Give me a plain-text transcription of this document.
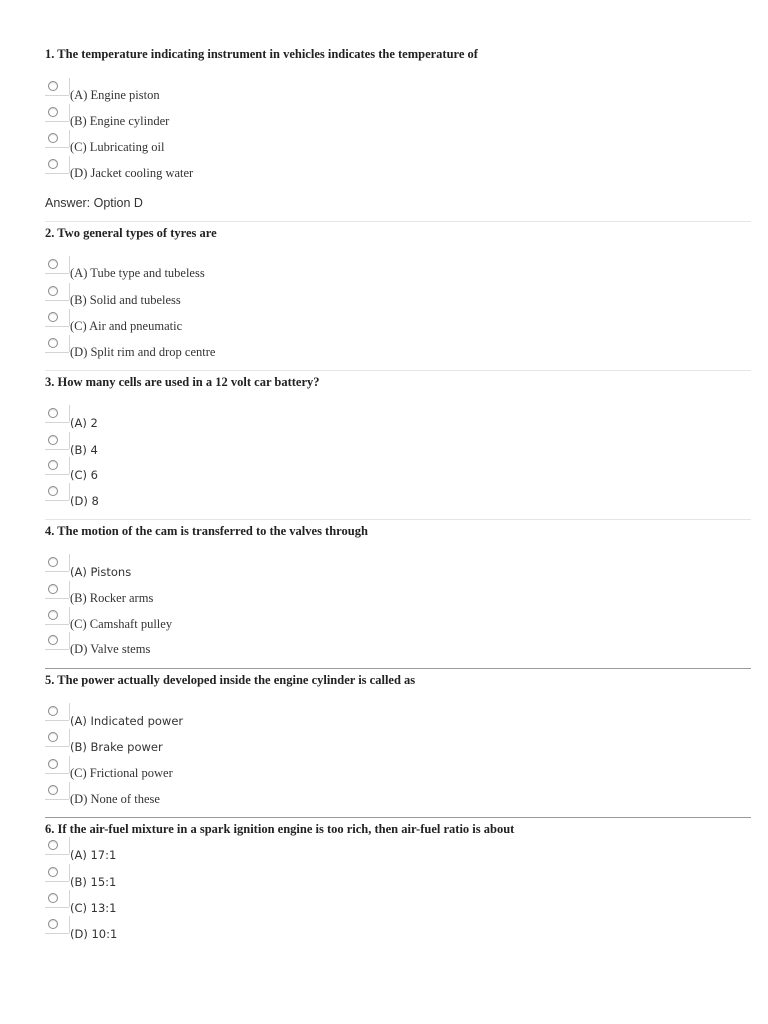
1. The temperature indicating instrument in vehicles indicates the temperature of
(A) Engine piston
(B) Engine cylinder
(C) Lubricating oil
(D) Jacket cooling water
Answer: Option D
2. Two general types of tyres are
(A) Tube type and tubeless
(B) Solid and tubeless
(C) Air and pneumatic
(D) Split rim and drop centre
3. How many cells are used in a 12 volt car battery?
(A) 2
(B) 4
(C) 6
(D) 8
4. The motion of the cam is transferred to the valves through
(A) Pistons
(B) Rocker arms
(C) Camshaft pulley
(D) Valve stems
5. The power actually developed inside the engine cylinder is called as
(A) Indicated power
(B) Brake power
(C) Frictional power
(D) None of these
6. If the air-fuel mixture in a spark ignition engine is too rich, then air-fuel ratio is about
(A) 17:1
(B) 15:1
(C) 13:1
(D) 10:1
